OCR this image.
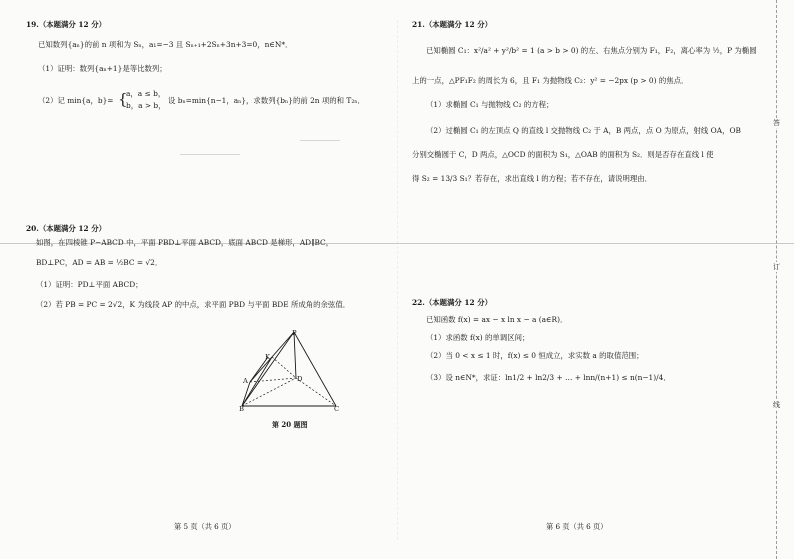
19.（本题满分 12 分）
已知数列{aₙ}的前 n 项和为 Sₙ，a₁=−3 且 Sₙ₊₁+2Sₙ+3n+3=0，n∈N*．
（1）证明：数列{aₙ+1}是等比数列；
（2）记 min{a，b}= {
a，a ≤ b，
b，a > b，
设 bₙ=min{n−1，aₙ}，求数列{bₙ}的前 2n 项的和 T₂ₙ．
20.（本题满分 12 分）
如图，在四棱锥 P−ABCD 中，平面 PBD⊥平面 ABCD，底面 ABCD 是梯形，AD∥BC，
BD⊥PC，AD = AB = ½BC = √2．
（1）证明：PD⊥平面 ABCD；
（2）若 PB = PC = 2√2，K 为线段 AP 的中点，求平面 PBD 与平面 BDE 所成角的余弦值．
P
K
A	D
B	C
第 20 题图
第 5 页（共 6 页）
21.（本题满分 12 分）
已知椭圆 C₁：x²/a² + y²/b² = 1 (a > b > 0) 的左、右焦点分别为 F₁，F₂，离心率为 ½，P 为椭圆
上的一点，△PF₁F₂ 的周长为 6，且 F₁ 为抛物线 C₂：y² = −2px (p > 0) 的焦点．
（1）求椭圆 C₁ 与抛物线 C₂ 的方程；
（2）过椭圆 C₁ 的左顶点 Q 的直线 l 交抛物线 C₂ 于 A，B 两点，点 O 为原点，射线 OA，OB
分别交椭圆于 C，D 两点，△OCD 的面积为 S₁，△OAB 的面积为 S₂．则是否存在直线 l 使
得 S₂ = 13/3 S₁？若存在，求出直线 l 的方程；若不存在，请说明理由．
22.（本题满分 12 分）
已知函数 f(x) = ax − x ln x − a (a∈R)．
（1）求函数 f(x) 的单调区间；
（2）当 0 < x ≤ 1 时，f(x) ≤ 0 恒成立，求实数 a 的取值范围；
（3）设 n∈N*，求证：ln1/2 + ln2/3 + … + lnn/(n+1) ≤ n(n−1)/4．
第 6 页（共 6 页）
答
订
线
